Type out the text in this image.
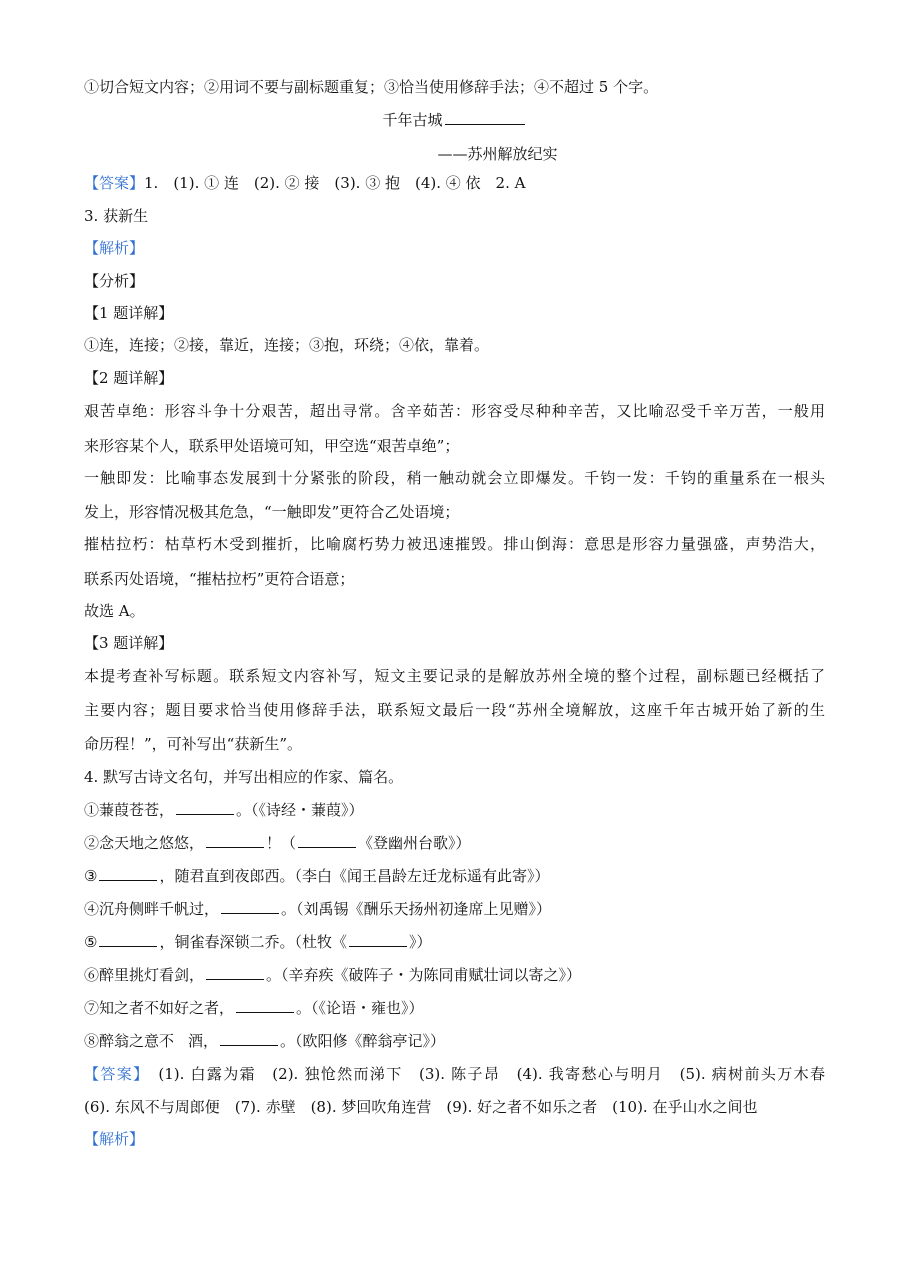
①切合短文内容；②用词不要与副标题重复；③恰当使用修辞手法；④不超过 5 个字。
千年古城
——苏州解放纪实
【答案】1.　(1). ① 连　(2). ② 接　(3). ③ 抱　(4). ④ 依　2. A
3. 获新生
【解析】
【分析】
【1 题详解】
①连，连接；②接，靠近，连接；③抱，环绕；④依，靠着。
【2 题详解】
艰苦卓绝：形容斗争十分艰苦，超出寻常。含辛茹苦：形容受尽种种辛苦，又比喻忍受千辛万苦，一般用
来形容某个人，联系甲处语境可知，甲空选“艰苦卓绝”；
一触即发：比喻事态发展到十分紧张的阶段，稍一触动就会立即爆发。千钧一发：千钧的重量系在一根头
发上，形容情况极其危急，“一触即发”更符合乙处语境；
摧枯拉朽：枯草朽木受到摧折，比喻腐朽势力被迅速摧毁。排山倒海：意思是形容力量强盛，声势浩大，
联系丙处语境，“摧枯拉朽”更符合语意；
故选 A。
【3 题详解】
本提考查补写标题。联系短文内容补写，短文主要记录的是解放苏州全境的整个过程，副标题已经概括了
主要内容；题目要求恰当使用修辞手法，联系短文最后一段“苏州全境解放，这座千年古城开始了新的生
命历程！”，可补写出“获新生”。
4. 默写古诗文名句，并写出相应的作家、篇名。
①蒹葭苍苍，	。（《诗经・蒹葭》）
②念天地之悠悠，	！（	《登幽州台歌》）
③	，随君直到夜郎西。（李白《闻王昌龄左迁龙标遥有此寄》）
④沉舟侧畔千帆过，	。（刘禹锡《酬乐天扬州初逢席上见赠》）
⑤	，铜雀春深锁二乔。（杜牧《	》）
⑥醉里挑灯看剑，	。（辛弃疾《破阵子・为陈同甫赋壮词以寄之》）
⑦知之者不如好之者，	。（《论语・雍也》）
⑧醉翁之意不 酒，	。（欧阳修《醉翁亭记》）
【答案】　 (1). 白露为霜　(2). 独怆然而涕下　(3). 陈子昂　(4). 我寄愁心与明月　(5). 病树前头万木春
(6). 东风不与周郎便　(7). 赤壁　(8). 梦回吹角连营　(9). 好之者不如乐之者　(10). 在乎山水之间也
【解析】
